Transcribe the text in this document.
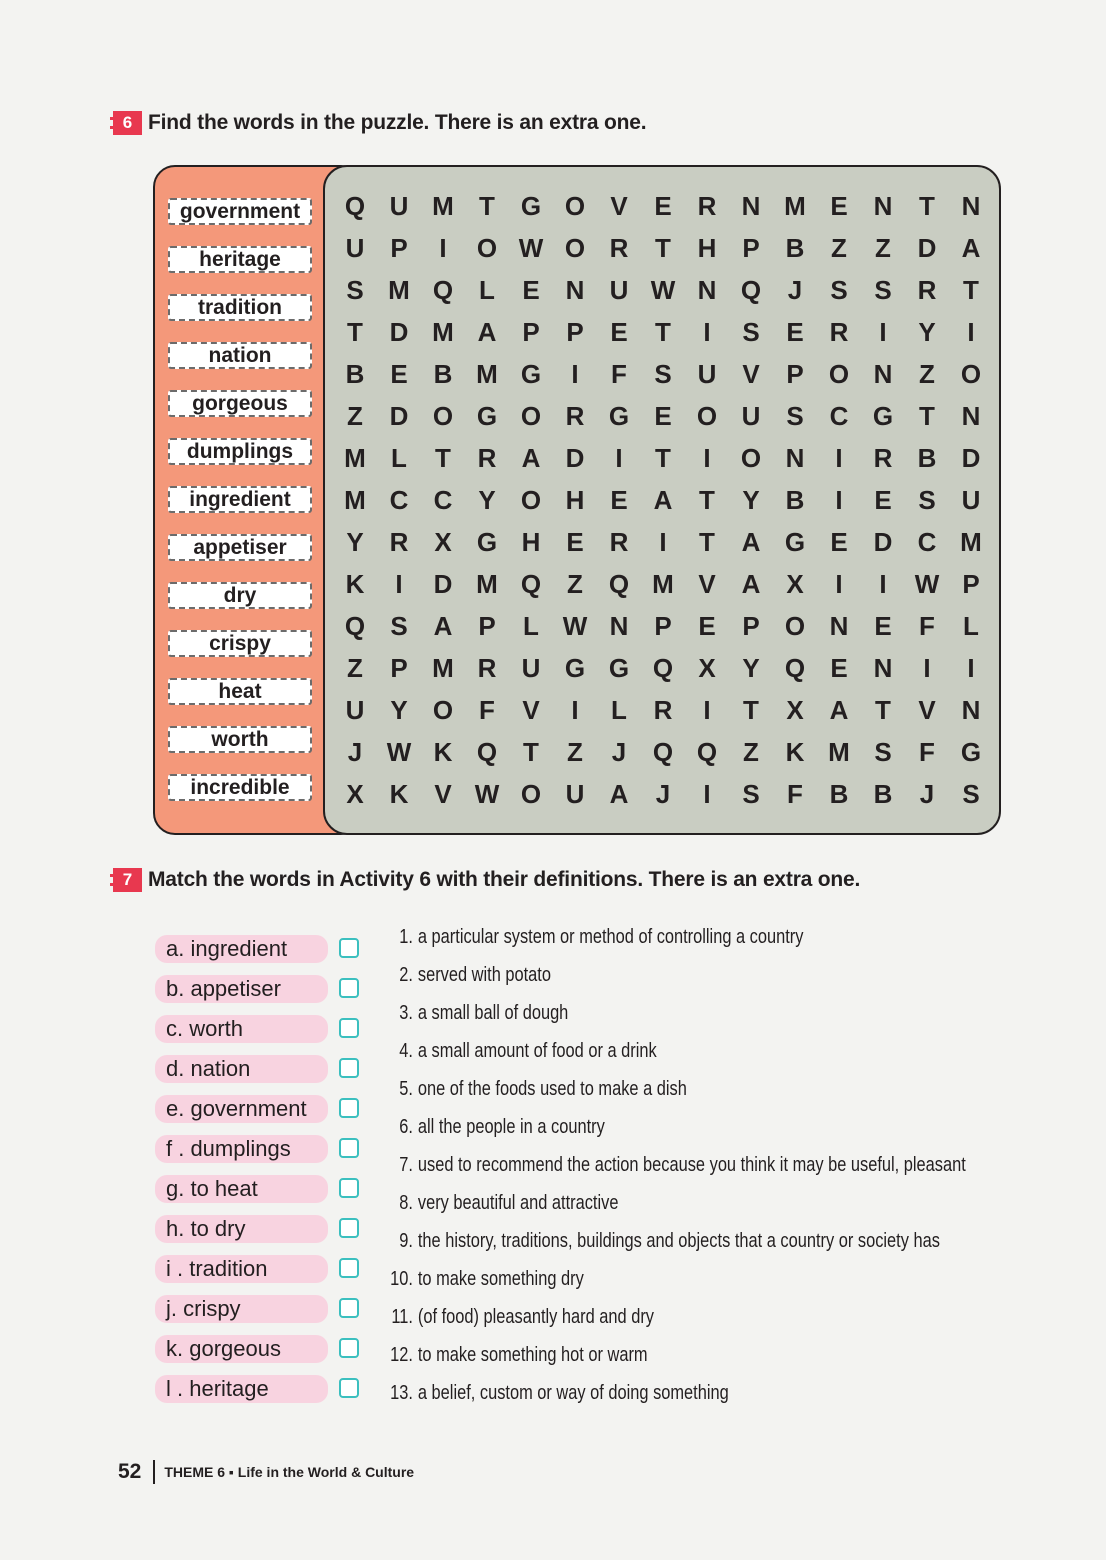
6 Find the words in the puzzle. There is an extra one.
government
heritage
tradition
nation
gorgeous
dumplings
ingredient
appetiser
dry
crispy
heat
worth
incredible
Q U M T G O V	E R N M E N	T	N
U P	I	O W O R	T	H P B	Z	Z	D A
S M Q L	E N U W N Q	J	S	S R	T
T	D M A P	P	E	T	I	S	E R	I	Y	I
B E B M G	I	F	S U V	P O N	Z O
Z	D O G O R G E O U S C G T	N
M L	T	R A D	I	T	I	O N	I	R B D
M C C Y O H E A	T	Y B	I	E	S U
Y R X G H E R	I	T	A G E D C M
K	I	D M Q Z Q M V A X	I	I	W P
Q S A P	L W N P	E	P O N E	F	L
Z	P M R U G G Q X	Y Q E N	I	I
U Y O F	V	I	L	R	I	T	X A	T	V N
J W K Q T	Z	J	Q Q Z	K M S	F G
X K V W O U A	J	I	S	F	B B	J	S
7 Match the words in Activity 6 with their definitions. There is an extra one.
a. ingredient
b. appetiser
c. worth
d. nation
e. government
f . dumplings
g. to heat
h. to dry
i . tradition
j. crispy
k. gorgeous
l . heritage
1. a particular system or method of controlling a country
2. served with potato
3. a small ball of dough
4. a small amount of food or a drink
5. one of the foods used to make a dish
6. all the people in a country
7. used to recommend the action because you think it may be useful, pleasant
8. very beautiful and attractive
9. the history, traditions, buildings and objects that a country or society has
10. to make something dry
11. (of food) pleasantly hard and dry
12. to make something hot or warm
13. a belief, custom or way of doing something
52 THEME 6 ▪ Life in the World & Culture
